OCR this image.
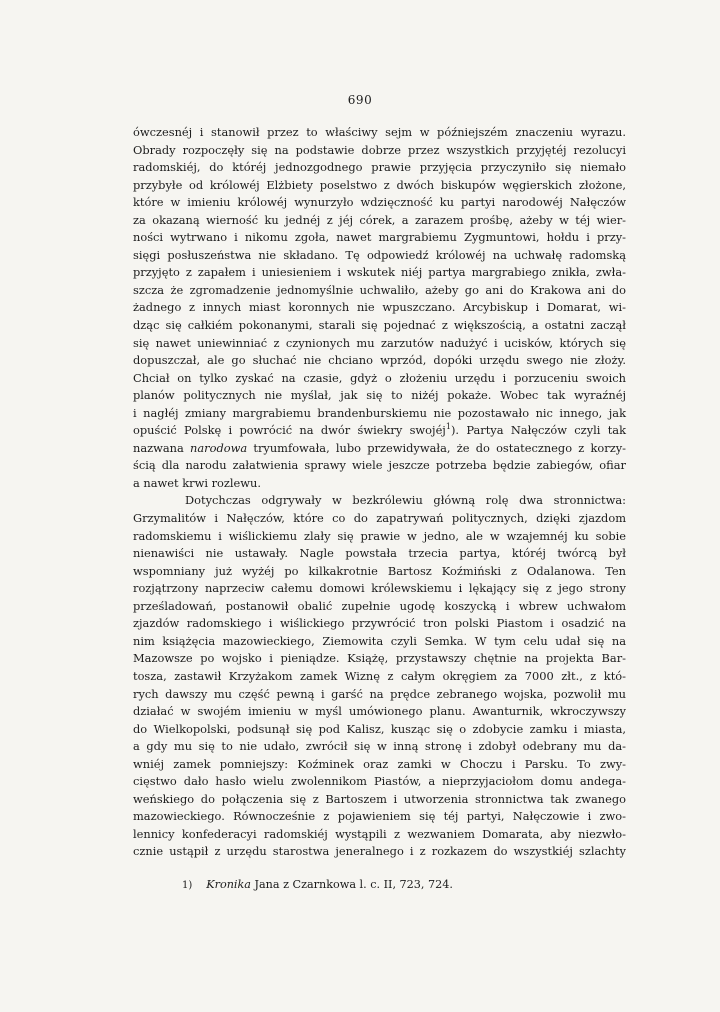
690
ówczesnéj i stanowił przez to właściwy sejm w późniejszém znaczeniu wyrazu.
Obrady rozpoczęły się na podstawie dobrze przez wszystkich przyjętéj rezolucyi
radomskiéj, do któréj jednozgodnego prawie przyjęcia przyczyniło się niemało
przybyłe od królowéj Elżbiety poselstwo z dwóch biskupów węgierskich złożone,
które w imieniu królowéj wynurzyło wdzięczność ku partyi narodowéj Nałęczów
za okazaną wierność ku jednéj z jéj córek, a zarazem prośbę, ażeby w téj wier-
ności wytrwano i nikomu zgoła, nawet margrabiemu Zygmuntowi, hołdu i przy-
sięgi posłuszeństwa nie składano. Tę odpowiedź królowéj na uchwałę radomską
przyjęto z zapałem i uniesieniem i wskutek niéj partya margrabiego znikła, zwła-
szcza że zgromadzenie jednomyślnie uchwaliło, ażeby go ani do Krakowa ani do
żadnego z innych miast koronnych nie wpuszczano. Arcybiskup i Domarat, wi-
dząc się całkiém pokonanymi, starali się pojednać z większością, a ostatni zaczął
się nawet uniewinniać z czynionych mu zarzutów nadużyć i ucisków, których się
dopuszczał, ale go słuchać nie chciano wprzód, dopóki urzędu swego nie złoży.
Chciał on tylko zyskać na czasie, gdyż o złożeniu urzędu i porzuceniu swoich
planów politycznych nie myślał, jak się to niżéj pokaże. Wobec tak wyraźnéj
i nagłéj zmiany margrabiemu brandenburskiemu nie pozostawało nic innego, jak
opuścić Polskę i powrócić na dwór świekry swojéj$^1$). Partya Nałęczów czyli tak
nazwana narodowa tryumfowała, lubo przewidywała, że do ostatecznego z korzy-
ścią dla narodu załatwienia sprawy wiele jeszcze potrzeba będzie zabiegów, ofiar
a nawet krwi rozlewu.
Dotychczas odgrywały w bezkrólewiu główną rolę dwa stronnictwa:
Grzymalitów i Nałęczów, które co do zapatrywań politycznych, dzięki zjazdom
radomskiemu i wiślickiemu zlały się prawie w jedno, ale w wzajemnéj ku sobie
nienawiści nie ustawały. Nagle powstała trzecia partya, któréj twórcą był
wspomniany już wyżéj po kilkakrotnie Bartosz Koźmiński z Odalanowa. Ten
rozjątrzony naprzeciw całemu domowi królewskiemu i lękający się z jego strony
prześladowań, postanowił obalić zupełnie ugodę koszycką i wbrew uchwałom
zjazdów radomskiego i wiślickiego przywrócić tron polski Piastom i osadzić na
nim książęcia mazowieckiego, Ziemowita czyli Semka. W tym celu udał się na
Mazowsze po wojsko i pieniądze. Książę, przystawszy chętnie na projekta Bar-
tosza, zastawił Krzyżakom zamek Wiznę z całym okręgiem za 7000 złt., z któ-
rych dawszy mu część pewną i garść na prędce zebranego wojska, pozwolił mu
działać w swojém imieniu w myśl umówionego planu. Awanturnik, wkroczywszy
do Wielkopolski, podsunął się pod Kalisz, kusząc się o zdobycie zamku i miasta,
a gdy mu się to nie udało, zwrócił się w inną stronę i zdobył odebrany mu da-
wniéj zamek pomniejszy: Koźminek oraz zamki w Choczu i Parsku. To zwy-
cięstwo dało hasło wielu zwolennikom Piastów, a nieprzyjaciołom domu andega-
weńskiego do połączenia się z Bartoszem i utworzenia stronnictwa tak zwanego
mazowieckiego. Równocześnie z pojawieniem się téj partyi, Nałęczowie i zwo-
lennicy konfederacyi radomskiéj wystąpili z wezwaniem Domarata, aby niezwło-
cznie ustąpił z urzędu starostwa jeneralnego i z rozkazem do wszystkiéj szlachty
1) Kronika Jana z Czarnkowa l. c. II, 723, 724.
